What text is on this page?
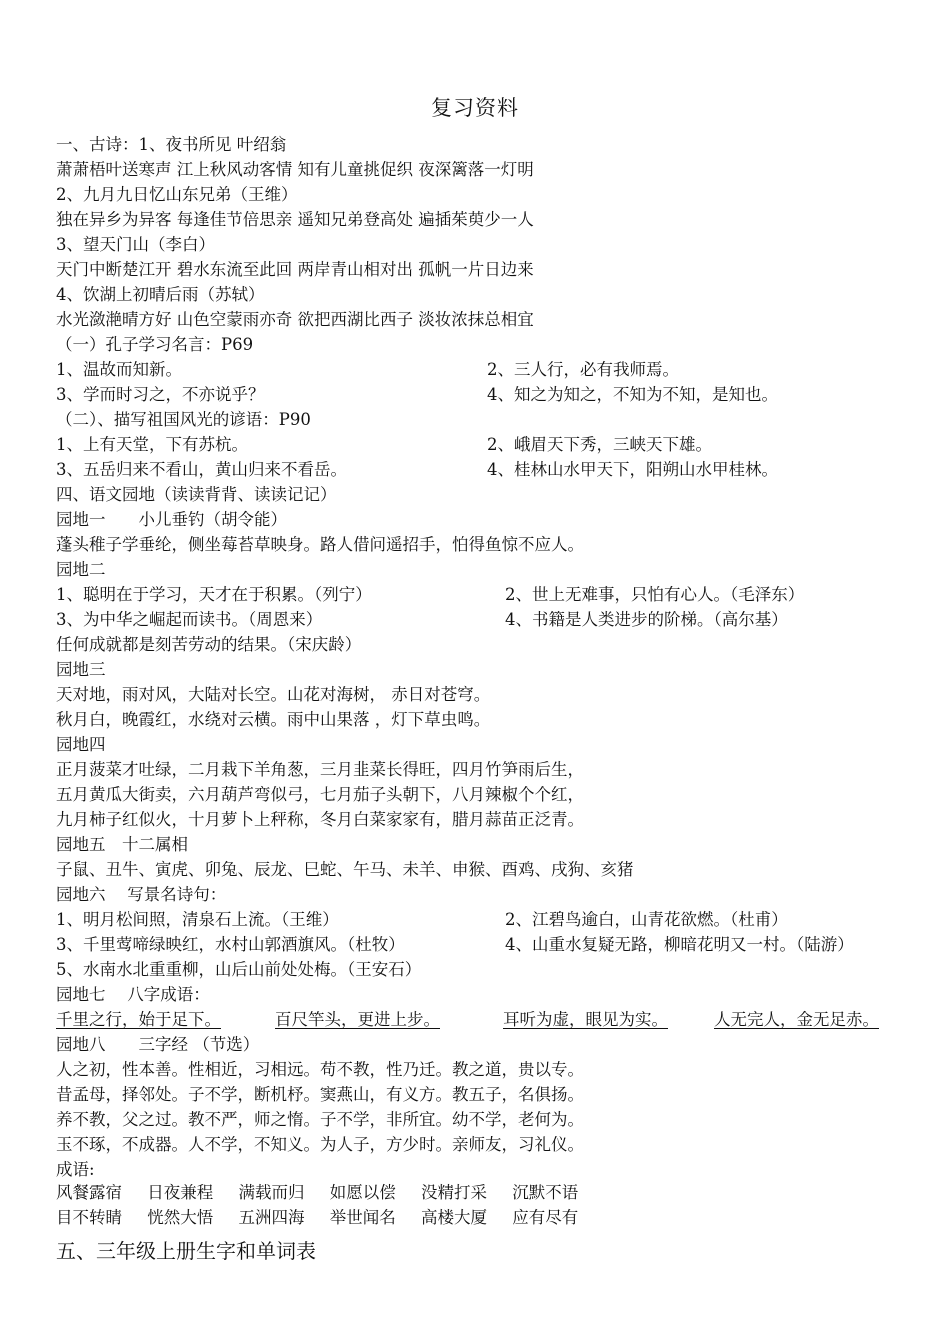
复习资料
一、古诗：1、夜书所见 叶绍翁
萧萧梧叶送寒声 江上秋风动客情 知有儿童挑促织 夜深篱落一灯明
2、九月九日忆山东兄弟（王维）
独在异乡为异客 每逢佳节倍思亲 遥知兄弟登高处 遍插茱萸少一人
3、望天门山（李白）
天门中断楚江开 碧水东流至此回 两岸青山相对出 孤帆一片日边来
4、饮湖上初晴后雨（苏轼）
水光潋滟晴方好 山色空蒙雨亦奇 欲把西湖比西子 淡妆浓抹总相宜
（一）孔子学习名言：P69
1、温故而知新。	2、三人行，必有我师焉。
3、学而时习之，不亦说乎？	4、知之为知之，不知为不知，是知也。
（二）、描写祖国风光的谚语：P90
1、上有天堂，下有苏杭。	2、峨眉天下秀，三峡天下雄。
3、五岳归来不看山，黄山归来不看岳。	4、桂林山水甲天下，阳朔山水甲桂林。
四、语文园地（读读背背、读读记记）
园地一　　小儿垂钓（胡令能）
蓬头稚子学垂纶，侧坐莓苔草映身。路人借问遥招手，怕得鱼惊不应人。
园地二
1、聪明在于学习，天才在于积累。（列宁）	2、世上无难事，只怕有心人。（毛泽东）
3、为中华之崛起而读书。（周恩来）	4、书籍是人类进步的阶梯。（高尔基）
任何成就都是刻苦劳动的结果。（宋庆龄）
园地三
天对地，雨对风，大陆对长空。山花对海树， 赤日对苍穹。
秋月白，晚霞红，水绕对云横。雨中山果落 ，灯下草虫鸣。
园地四
正月菠菜才吐绿，二月栽下羊角葱，三月韭菜长得旺，四月竹笋雨后生，
五月黄瓜大街卖，六月葫芦弯似弓，七月茄子头朝下，八月辣椒个个红，
九月柿子红似火，十月萝卜上秤称，冬月白菜家家有，腊月蒜苗正泛青。
园地五　十二属相
子鼠、丑牛、寅虎、卯兔、辰龙、巳蛇、午马、未羊、申猴、酉鸡、戌狗、亥猪
园地六　 写景名诗句：
1、明月松间照，清泉石上流。（王维）	2、江碧鸟逾白，山青花欲燃。（杜甫）
3、千里莺啼绿映红，水村山郭酒旗风。（杜牧）	4、山重水复疑无路，柳暗花明又一村。（陆游）
5、水南水北重重柳，山后山前处处梅。（王安石）
园地七　 八字成语：
千里之行，始于足下。	百尺竿头，更进上步。	耳听为虚，眼见为实。	人无完人，金无足赤。
园地八　　三字经 （节选）
人之初，性本善。性相近，习相远。苟不教，性乃迁。教之道，贵以专。
昔孟母，择邻处。子不学，断机杼。窦燕山，有义方。教五子，名俱扬。
养不教，父之过。教不严，师之惰。子不学，非所宜。幼不学，老何为。
玉不琢，不成器。人不学，不知义。为人子，方少时。亲师友，习礼仪。
成语:
风餐露宿 日夜兼程 满载而归 如愿以偿 没精打采 沉默不语
目不转睛 恍然大悟 五洲四海 举世闻名 高楼大厦 应有尽有
五、三年级上册生字和单词表
